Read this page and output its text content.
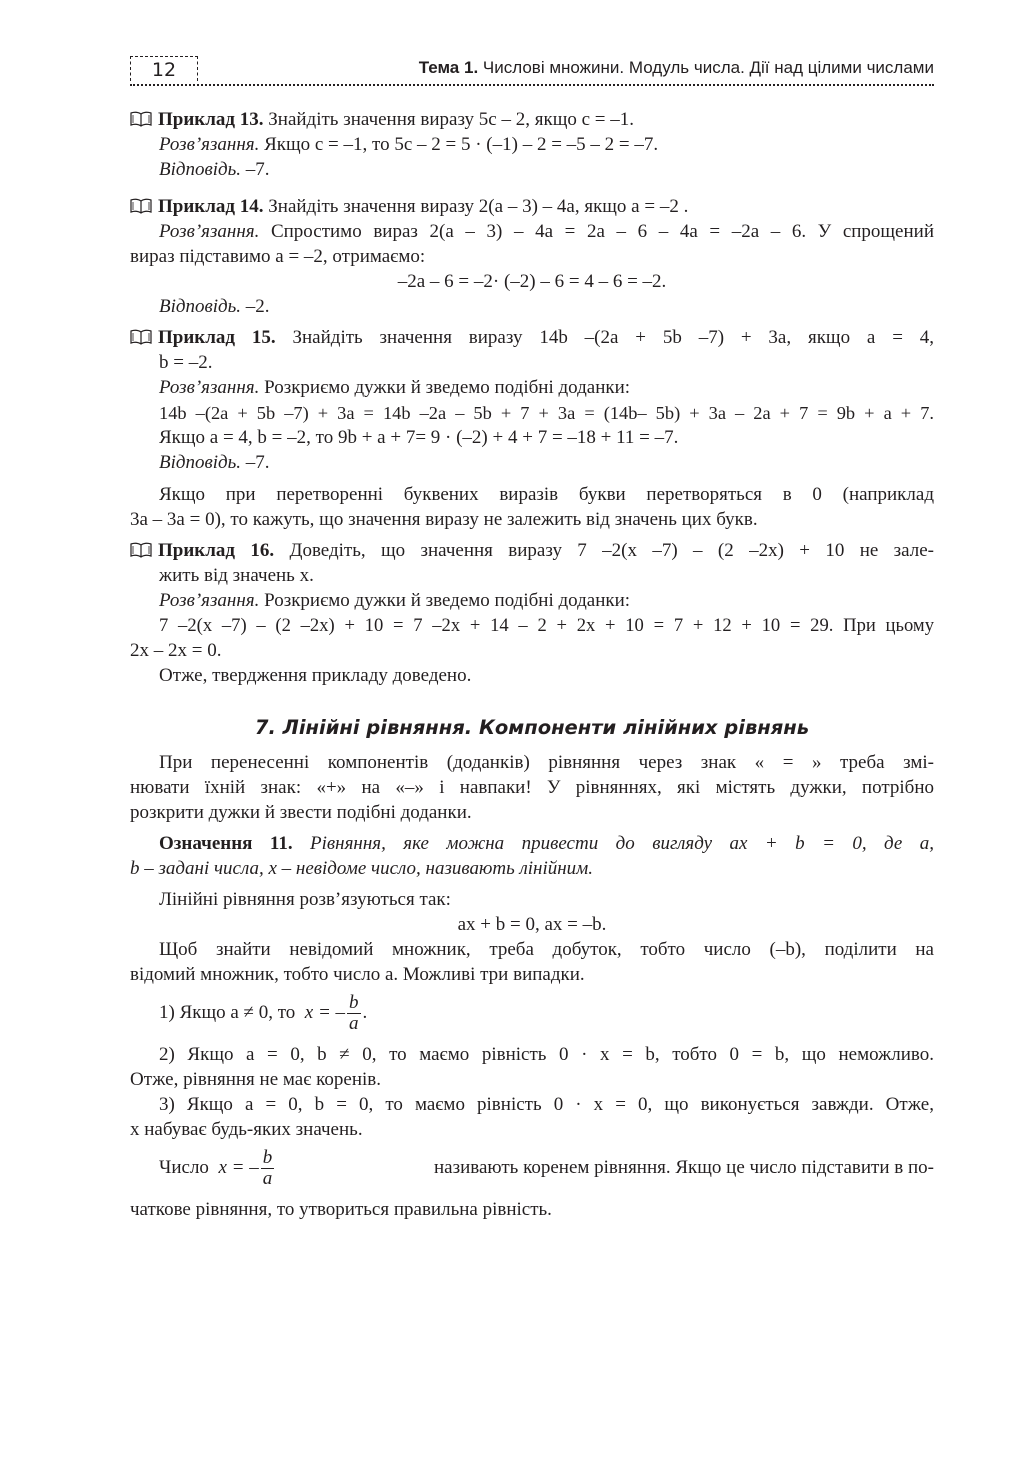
12	Тема 1. Числові множини. Модуль числа. Дії над цілими числами
Приклад 13. Знайдіть значення виразу 5c – 2, якщо c = –1.
Розв’язання. Якщо c = –1, то 5c – 2 = 5 · (–1) – 2 = –5 – 2 = –7.
Відповідь. –7.
Приклад 14. Знайдіть значення виразу 2(a – 3) – 4a, якщо a = –2 .
Розв’язання. Спростимо вираз 2(a – 3) – 4a = 2a – 6 – 4a = –2a – 6. У спрощений
вираз підставимо a = –2, отримаємо:
–2a – 6 = –2· (–2) – 6 = 4 – 6 = –2.
Відповідь. –2.
Приклад 15. Знайдіть значення виразу 14b –(2a + 5b –7) + 3a, якщо a = 4,
b = –2.
Розв’язання. Розкриємо дужки й зведемо подібні доданки:
14b –(2a + 5b –7) + 3a = 14b –2a – 5b + 7 + 3a = (14b– 5b) + 3a – 2a + 7 = 9b + a + 7.
Якщо a = 4, b = –2, то 9b + a + 7= 9 · (–2) + 4 + 7 = –18 + 11 = –7.
Відповідь. –7.
Якщо при перетворенні буквених виразів букви перетворяться в 0 (наприклад
3a – 3a = 0), то кажуть, що значення виразу не залежить від значень цих букв.
Приклад 16. Доведіть, що значення виразу 7 –2(x –7) – (2 –2x) + 10 не зале-
жить від значень x.
Розв’язання. Розкриємо дужки й зведемо подібні доданки:
7 –2(x –7) – (2 –2x) + 10 = 7 –2x + 14 – 2 + 2x + 10 = 7 + 12 + 10 = 29. При цьому
2x – 2x = 0.
Отже, твердження прикладу доведено.
7. Лінійні рівняння. Компоненти лінійних рівнянь
При перенесенні компонентів (доданків) рівняння через знак « = » треба змі-
нювати їхній знак: «+» на «–» і навпаки! У рівняннях, які містять дужки, потрібно
розкрити дужки й звести подібні доданки.
Означення 11. Рівняння, яке можна привести до вигляду ax + b = 0, де a,
b – задані числа, x – невідоме число, називають лінійним.
Лінійні рівняння розв’язуються так:
ax + b = 0, ax = –b.
Щоб знайти невідомий множник, треба добуток, тобто число (–b), поділити на
відомий множник, тобто число a. Можливі три випадки.
1) Якщо a ≠ 0, то x = – $\frac{b}{a}$ .
2) Якщо a = 0, b ≠ 0, то маємо рівність 0 · x = b, тобто 0 = b, що неможливо.
Отже, рівняння не має коренів.
3) Якщо a = 0, b = 0, то маємо рівність 0 · x = 0, що виконується завжди. Отже,
x набуває будь-яких значень.
Число
x = – $\frac{b}{a}$	називають коренем рівняння. Якщо це число підставити в по-
чаткове рівняння, то утвориться правильна рівність.
